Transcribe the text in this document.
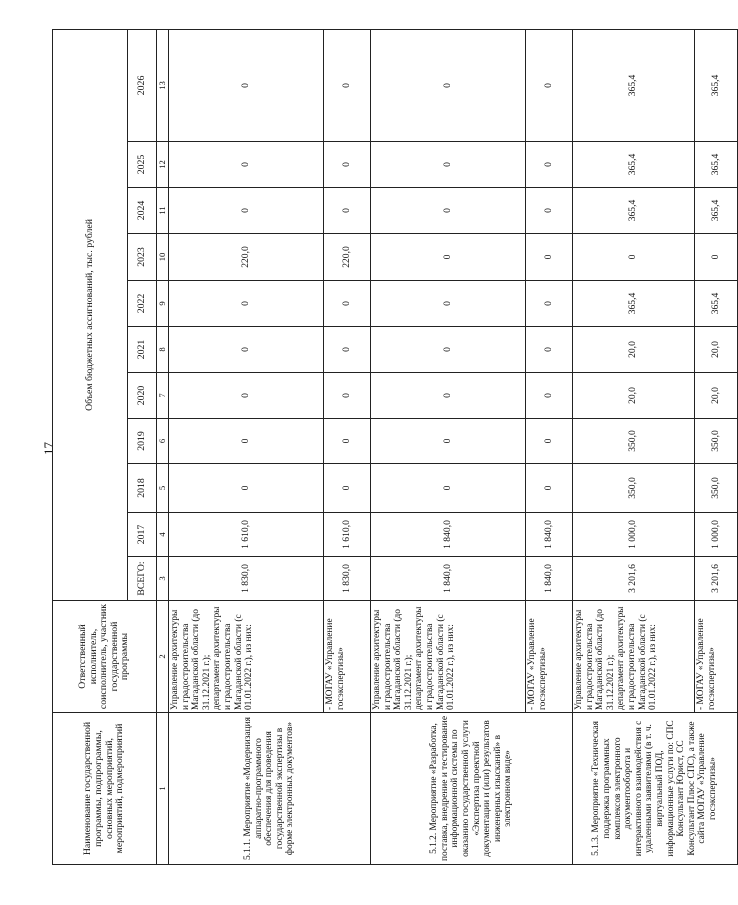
17
Наименование государственной программы, подпрограммы, основных мероприятий, мероприятий, подмероприятий	Ответственный исполнитель, соисполнитель, участник государственной программы	Объем бюджетных ассигнований, тыс. рублей										
		ВСЕГО:	2017	2018	2019	2020	2021	2022	2023	2024	2025	2026
1	2	3	4	5	6	7	8	9	10	11	12	13
5.1.1. Мероприятие «Модернизация аппаратно-программного обеспечения для проведения государственной экспертизы в форме электронных документов»	Управление архитектуры и градостроительства Магаданской области (до 31.12.2021 г.); департамент архитектуры и градостроительства Магаданской области (с 01.01.2022 г.), из них:	1 830,0	1 610,0	0	0	0	0	0	220,0	0	0	0
	- МОГАУ «Управление госэкспертизы»	1 830,0	1 610,0	0	0	0	0	0	220,0	0	0	0
5.1.2. Мероприятие «Разработка, поставка, внедрение и тестирование информационной системы по оказанию государственной услуги «Экспертиза проектной документации и (или) результатов инженерных изысканий» в электронном виде»	Управление архитектуры и градостроительства Магаданской области (до 31.12.2021 г.); департамент архитектуры и градостроительства Магаданской области (с 01.01.2022 г.), из них:	1 840,0	1 840,0	0	0	0	0	0	0	0	0	0
	- МОГАУ «Управление госэкспертизы»	1 840,0	1 840,0	0	0	0	0	0	0	0	0	0
5.1.3. Мероприятие «Техническая поддержка программных комплексов электронного документооборота и интерактивного взаимодействия с удаленными заявителями (в т. ч. виртуальный ПОД, информационные услуги по: СПС Консультант Юрист, СС Консультант Плюс СПС), а также сайта МОГАУ «Управление госэкспертизы»	Управление архитектуры и градостроительства Магаданской области (до 31.12.2021 г.); департамент архитектуры и градостроительства Магаданской области (с 01.01.2022 г.), из них:	3 201,6	1 000,0	350,0	350,0	20,0	20,0	365,4	0	365,4	365,4	365,4
	- МОГАУ «Управление госэкспертизы»	3 201,6	1 000,0	350,0	350,0	20,0	20,0	365,4	0	365,4	365,4	365,4
